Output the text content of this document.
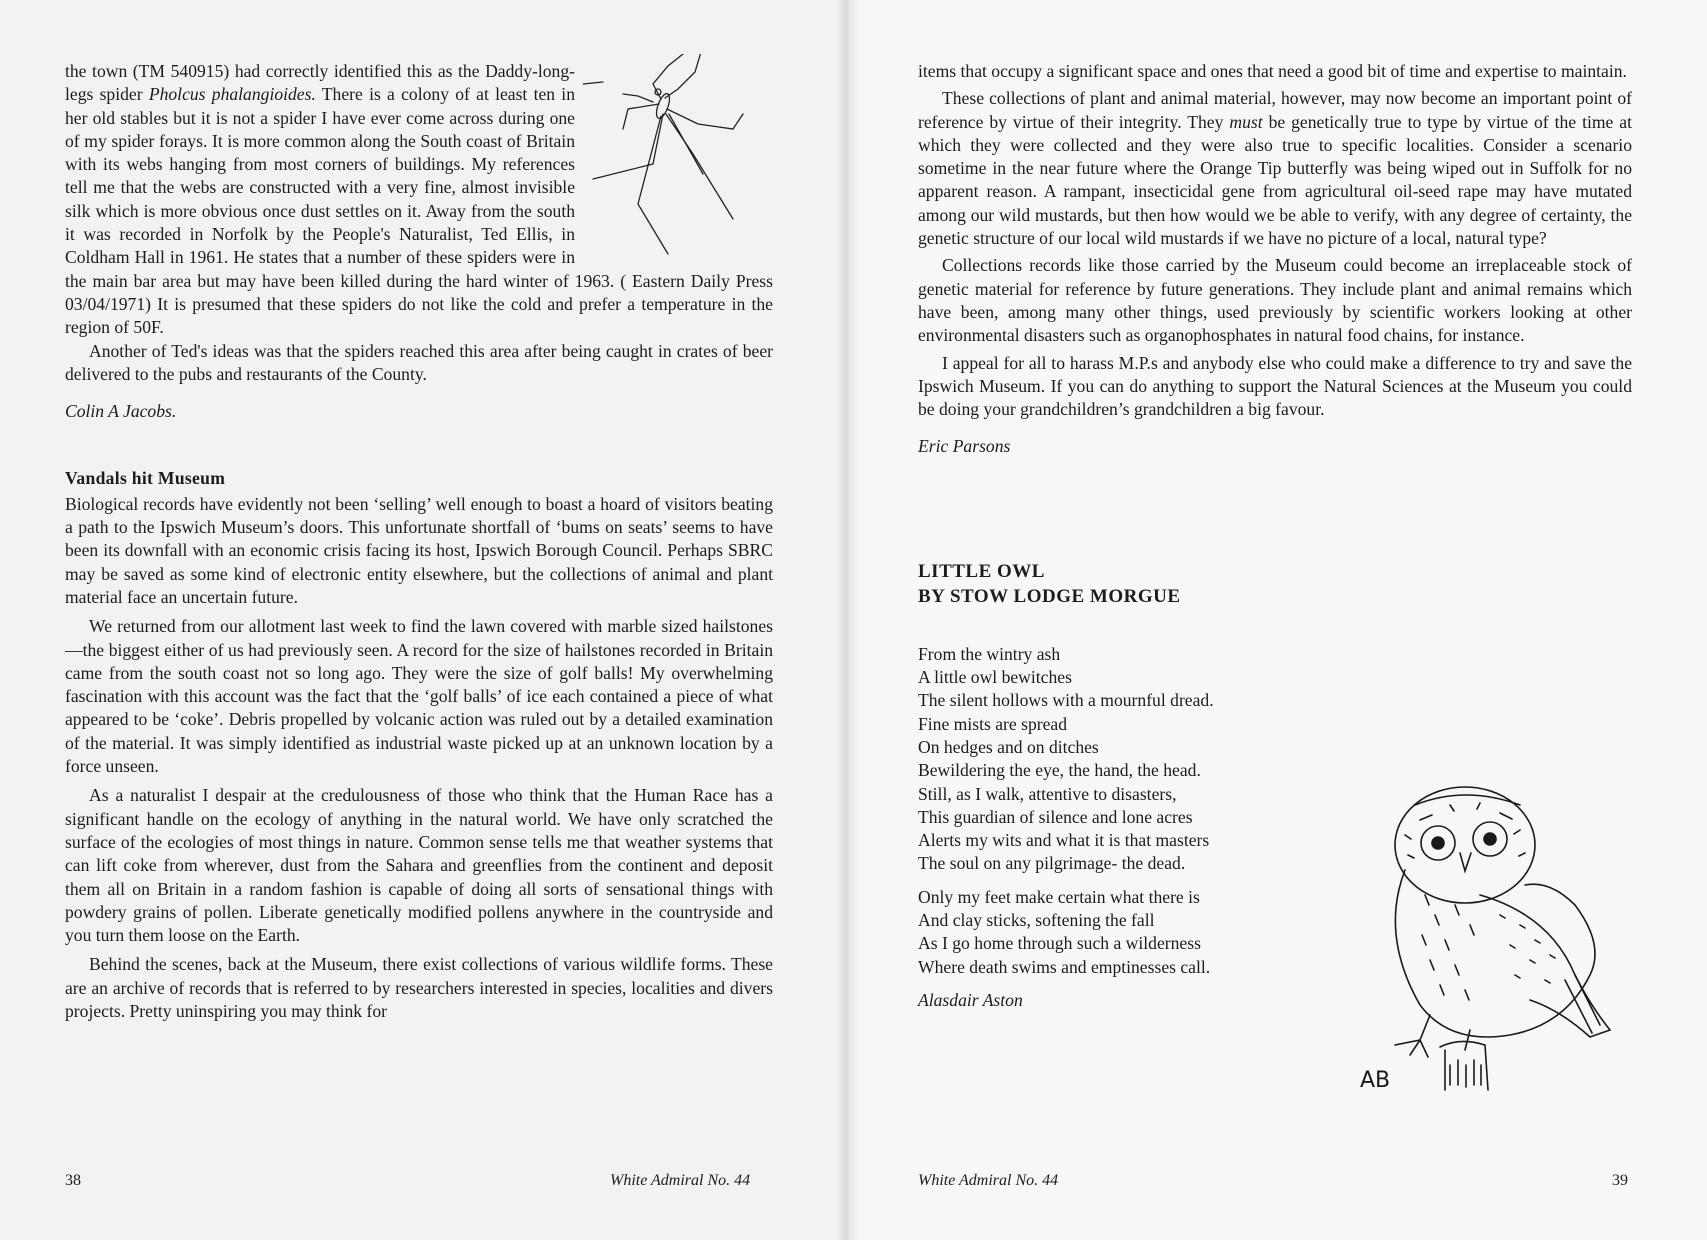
the town (TM 540915) had correctly identified this as the Daddy-long-legs spider Pholcus phalangioides. There is a colony of at least ten in her old stables but it is not a spider I have ever come across during one of my spider forays. It is more common along the South coast of Britain with its webs hanging from most corners of buildings. My references tell me that the webs are constructed with a very fine, almost invisible silk which is more obvious once dust settles on it. Away from the south it was recorded in Norfolk by the People's Naturalist, Ted Ellis, in Coldham Hall in 1961. He states that a number of these spiders were in the main bar area but may have been killed during the hard winter of 1963. ( Eastern Daily Press 03/04/1971) It is presumed that these spiders do not like the cold and prefer a temperature in the region of 50F.

Another of Ted's ideas was that the spiders reached this area after being caught in crates of beer delivered to the pubs and restaurants of the County.

Colin A Jacobs.

Vandals hit Museum

Biological records have evidently not been ‘selling’ well enough to boast a hoard of visitors beating a path to the Ipswich Museum’s doors. This unfortunate shortfall of ‘bums on seats’ seems to have been its downfall with an economic crisis facing its host, Ipswich Borough Council. Perhaps SBRC may be saved as some kind of electronic entity elsewhere, but the collections of animal and plant material face an uncertain future.

We returned from our allotment last week to find the lawn covered with marble sized hailstones—the biggest either of us had previously seen. A record for the size of hailstones recorded in Britain came from the south coast not so long ago. They were the size of golf balls! My overwhelming fascination with this account was the fact that the ‘golf balls’ of ice each contained a piece of what appeared to be ‘coke’. Debris propelled by volcanic action was ruled out by a detailed examination of the material. It was simply identified as industrial waste picked up at an unknown location by a force unseen.

As a naturalist I despair at the credulousness of those who think that the Human Race has a significant handle on the ecology of anything in the natural world. We have only scratched the surface of the ecologies of most things in nature. Common sense tells me that weather systems that can lift coke from wherever, dust from the Sahara and greenflies from the continent and deposit them all on Britain in a random fashion is capable of doing all sorts of sensational things with powdery grains of pollen. Liberate genetically modified pollens anywhere in the countryside and you turn them loose on the Earth.

Behind the scenes, back at the Museum, there exist collections of various wildlife forms. These are an archive of records that is referred to by researchers interested in species, localities and divers projects. Pretty uninspiring you may think for

38	White Admiral No. 44

items that occupy a significant space and ones that need a good bit of time and expertise to maintain.

These collections of plant and animal material, however, may now become an important point of reference by virtue of their integrity. They must be genetically true to type by virtue of the time at which they were collected and they were also true to specific localities. Consider a scenario sometime in the near future where the Orange Tip butterfly was being wiped out in Suffolk for no apparent reason. A rampant, insecticidal gene from agricultural oil-seed rape may have mutated among our wild mustards, but then how would we be able to verify, with any degree of certainty, the genetic structure of our local wild mustards if we have no picture of a local, natural type?

Collections records like those carried by the Museum could become an irreplaceable stock of genetic material for reference by future generations. They include plant and animal remains which have been, among many other things, used previously by scientific workers looking at other environmental disasters such as organophosphates in natural food chains, for instance.

I appeal for all to harass M.P.s and anybody else who could make a difference to try and save the Ipswich Museum. If you can do anything to support the Natural Sciences at the Museum you could be doing your grandchildren’s grandchildren a big favour.

Eric Parsons

LITTLE OWL

BY STOW LODGE MORGUE

From the wintry ash
A little owl bewitches
The silent hollows with a mournful dread.
Fine mists are spread
On hedges and on ditches
Bewildering the eye, the hand, the head.
Still, as I walk, attentive to disasters,
This guardian of silence and lone acres
Alerts my wits and what it is that masters
The soul on any pilgrimage- the dead.
Only my feet make certain what there is
And clay sticks, softening the fall
As I go home through such a wilderness
Where death swims and emptinesses call.

Alasdair Aston

AB
White Admiral No. 44	39
